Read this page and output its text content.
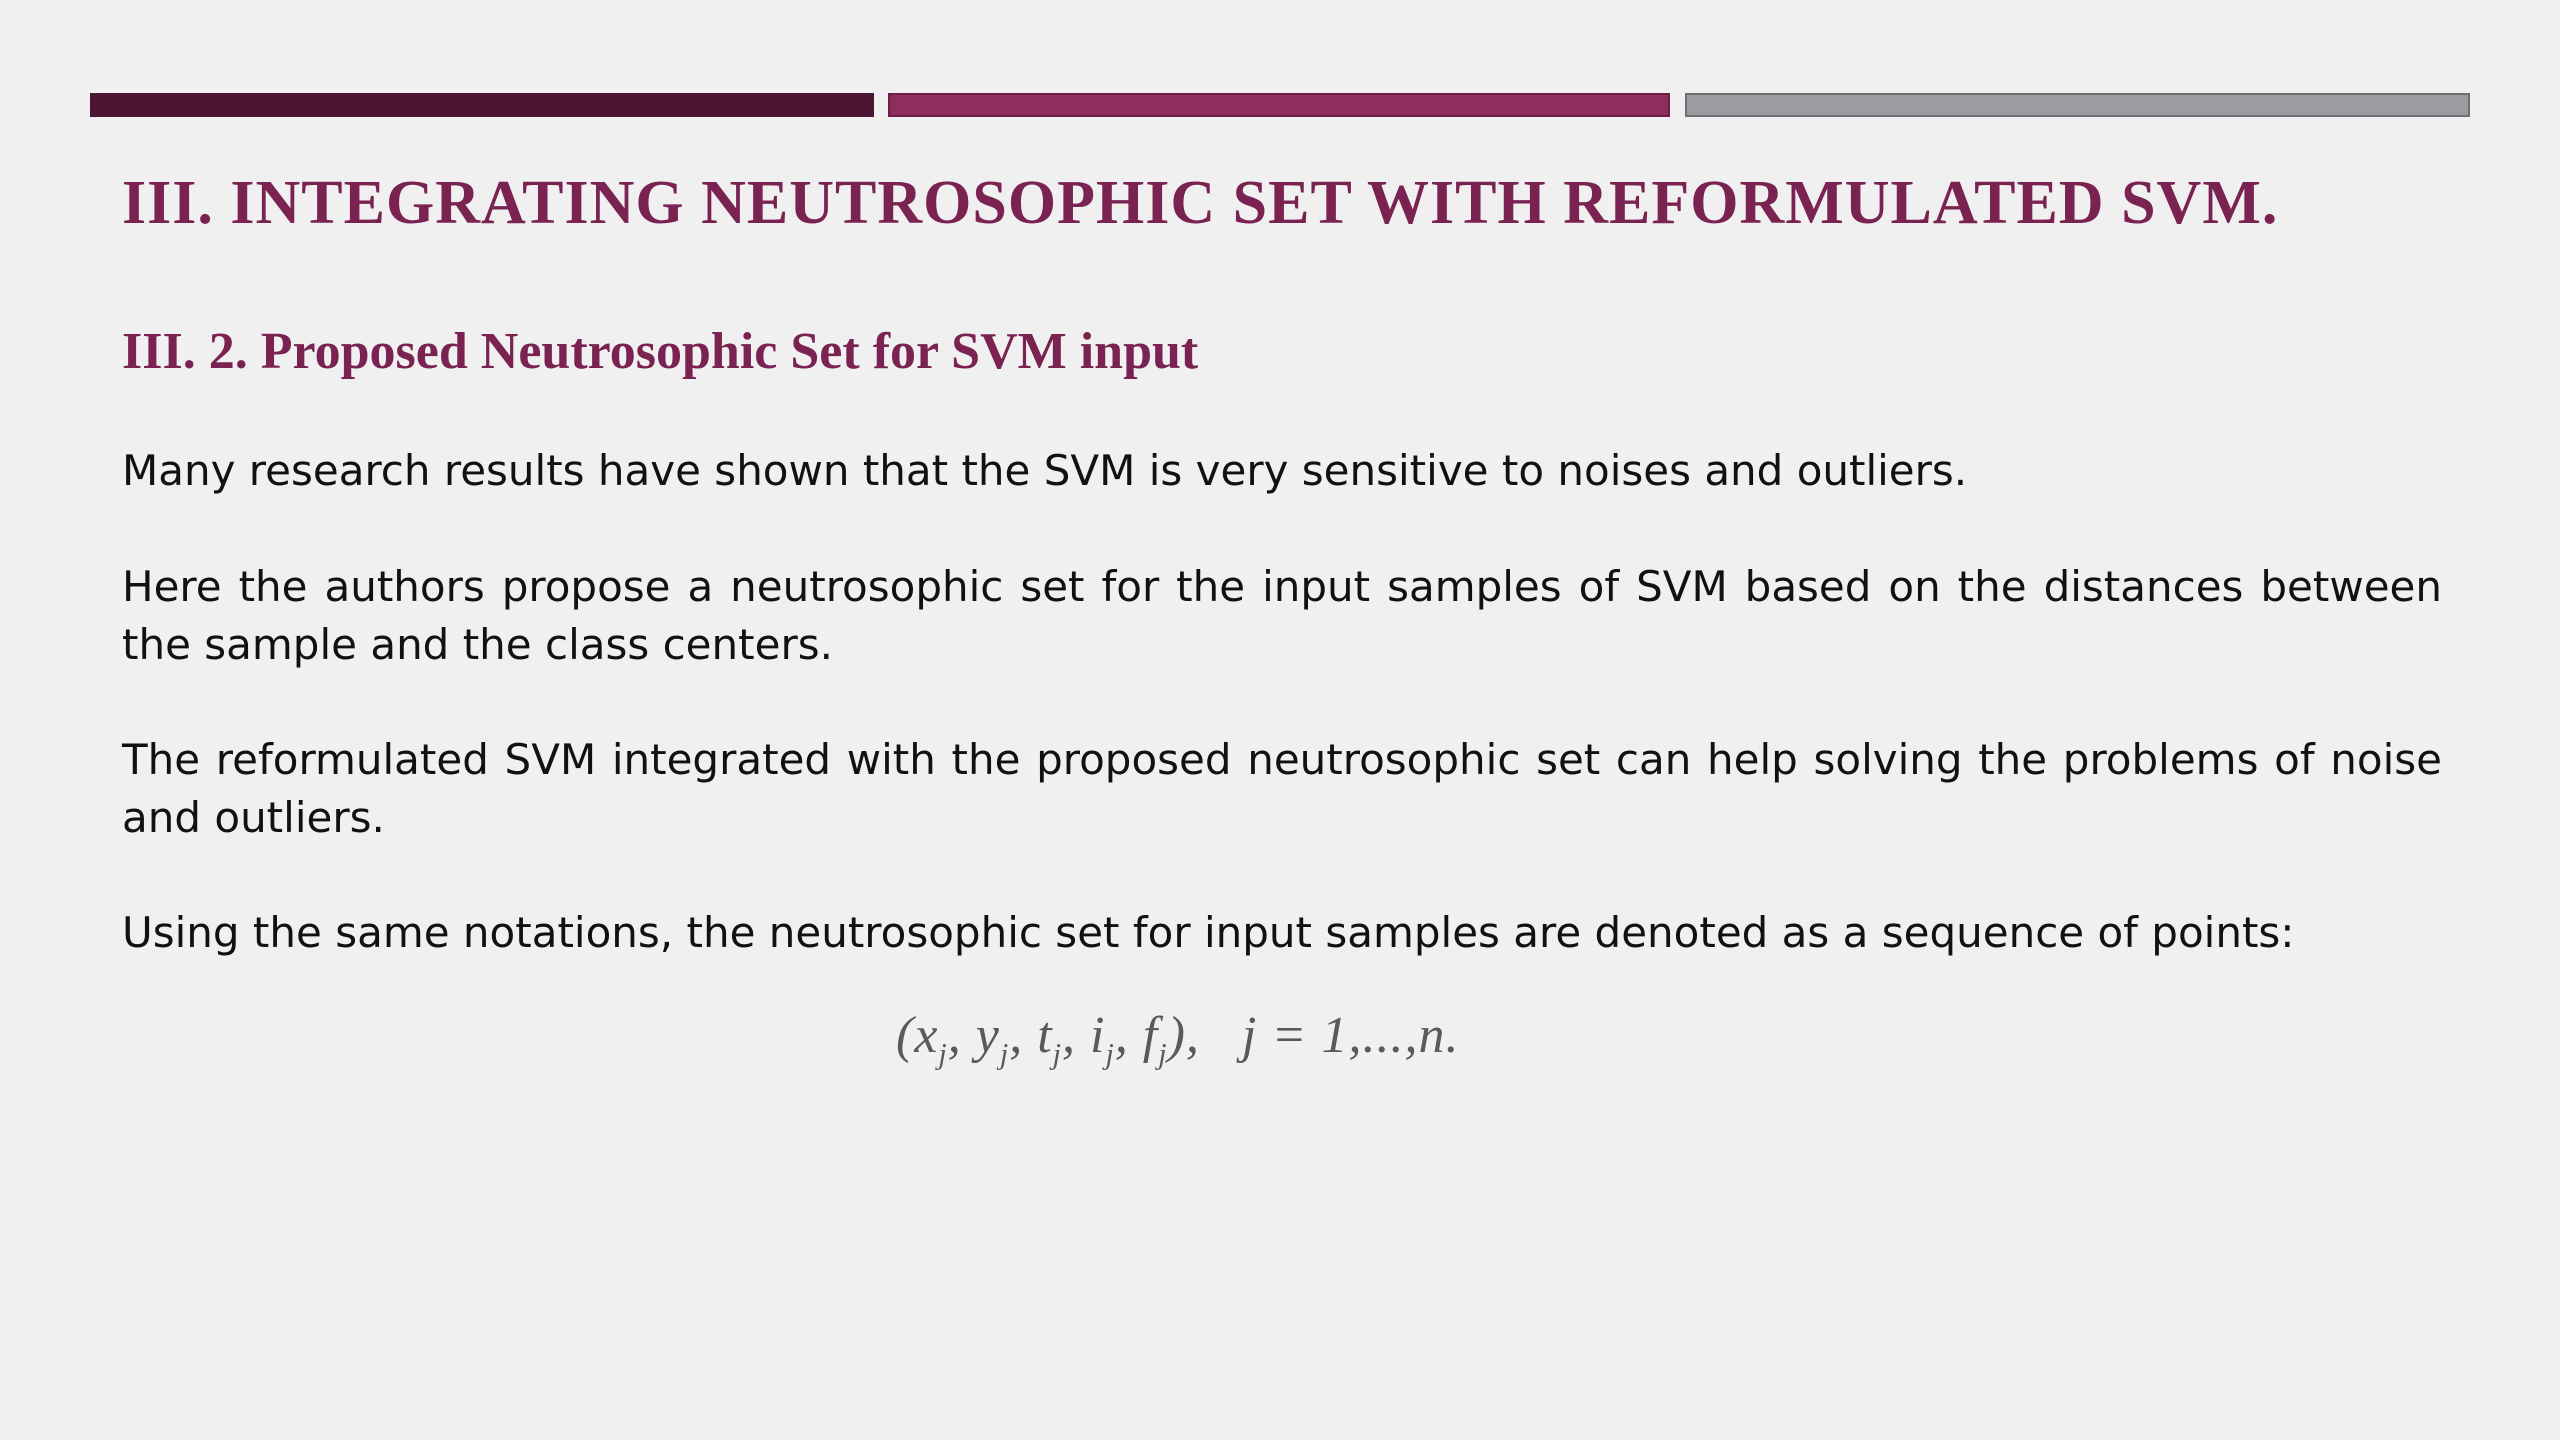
III. INTEGRATING NEUTROSOPHIC SET WITH REFORMULATED SVM.
III. 2. Proposed Neutrosophic Set for SVM input

Many research results have shown that the SVM is very sensitive to noises and outliers.

Here the authors propose a neutrosophic set for the input samples of SVM based on the distances between the sample and the class centers.

The reformulated SVM integrated with the proposed neutrosophic set can help solving the problems of noise and outliers.

Using the same notations, the neutrosophic set for input samples are denoted as a sequence of points:

($x_j$, $y_j$, $t_j$, $i_j$, $f_j$), j = 1,...,n.
